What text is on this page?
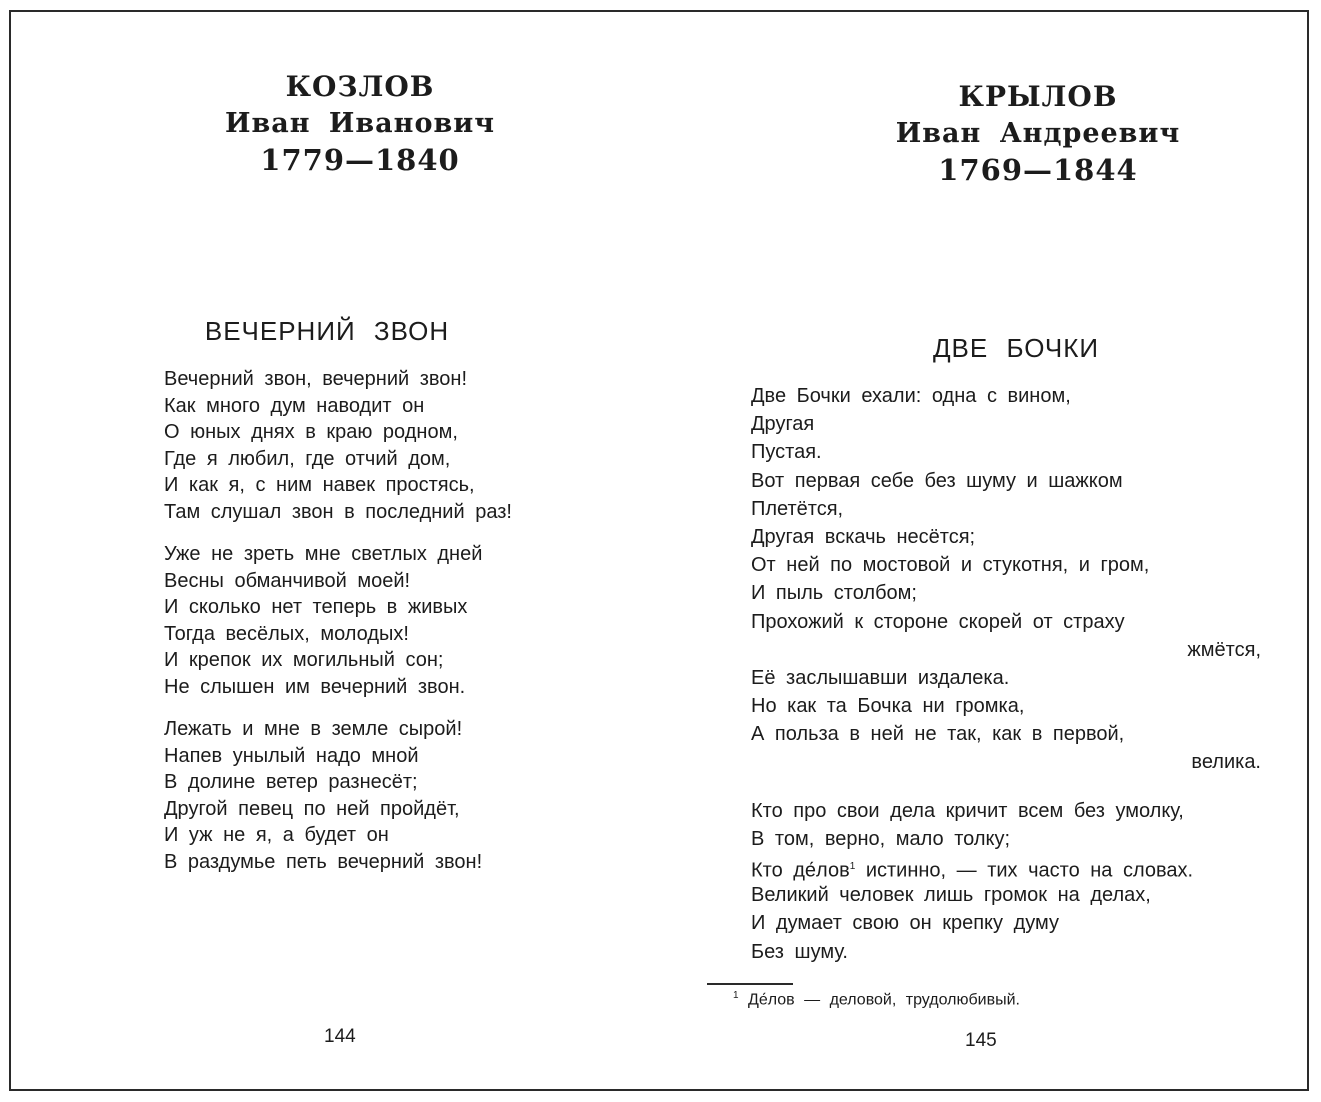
КОЗЛОВ
Иван Иванович
1779—1840
ВЕЧЕРНИЙ ЗВОН
Вечерний звон, вечерний звон!
Как много дум наводит он
О юных днях в краю родном,
Где я любил, где отчий дом,
И как я, с ним навек простясь,
Там слушал звон в последний раз!
Уже не зреть мне светлых дней
Весны обманчивой моей!
И сколько нет теперь в живых
Тогда весёлых, молодых!
И крепок их могильный сон;
Не слышен им вечерний звон.
Лежать и мне в земле сырой!
Напев унылый надо мной
В долине ветер разнесёт;
Другой певец по ней пройдёт,
И уж не я, а будет он
В раздумье петь вечерний звон!
144
КРЫЛОВ
Иван Андреевич
1769—1844
ДВЕ БОЧКИ
Две Бочки ехали: одна с вином,
Другая
Пустая.
Вот первая себе без шуму и шажком
Плетётся,
Другая вскачь несётся;
От ней по мостовой и стукотня, и гром,
И пыль столбом;
Прохожий к стороне скорей от страху
жмётся,
Её заслышавши издалека.
Но как та Бочка ни громка,
А польза в ней не так, как в первой,
велика.
Кто про свои дела кричит всем без умолку,
В том, верно, мало толку;
Кто де́лов$^1$ истинно, — тих часто на словах.
Великий человек лишь громок на делах,
И думает свою он крепку думу
Без шуму.
$^1$ Де́лов — деловой, трудолюбивый.
145
